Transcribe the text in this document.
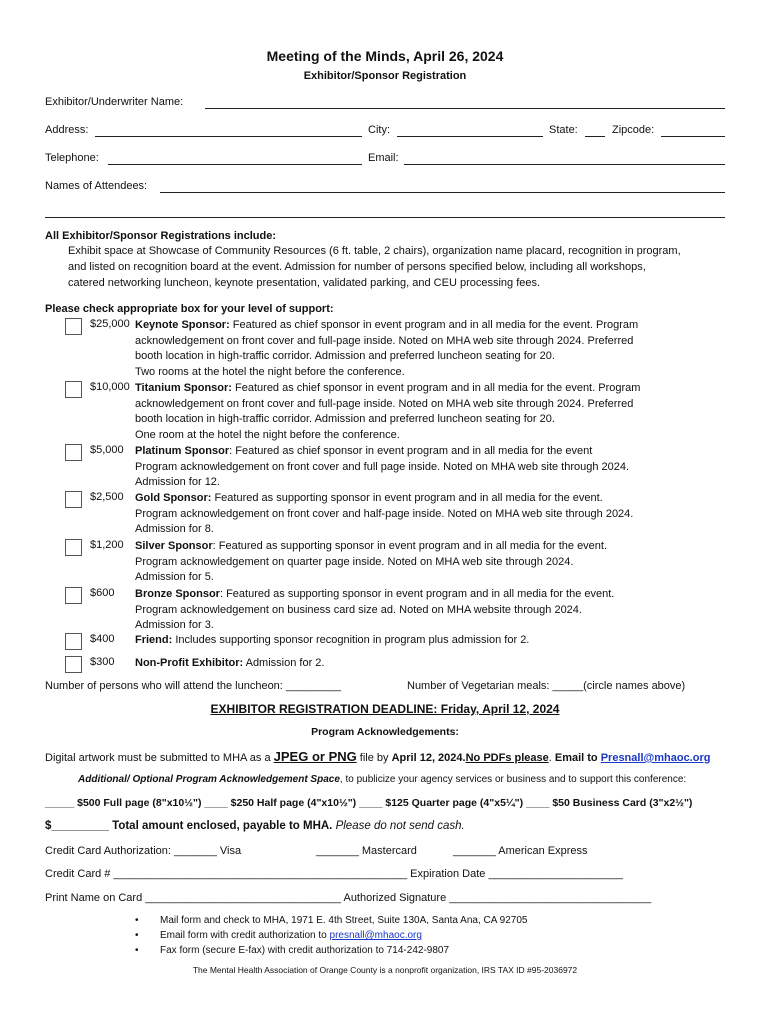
Meeting of the Minds, April 26, 2024
Exhibitor/Sponsor Registration
Exhibitor/Underwriter Name:
Address:	City:	State:	Zipcode:
Telephone:	Email:
Names of Attendees:
All Exhibitor/Sponsor Registrations include:
Exhibit space at Showcase of Community Resources (6 ft. table, 2 chairs), organization name placard, recognition in program,
and listed on recognition board at the event. Admission for number of persons specified below, including all workshops,
catered networking luncheon, keynote presentation, validated parking, and CEU processing fees.
Please check appropriate box for your level of support:
$25,000 Keynote Sponsor: Featured as chief sponsor in event program and in all media for the event. Program
acknowledgement on front cover and full-page inside. Noted on MHA web site through 2024. Preferred
booth location in high-traffic corridor. Admission and preferred luncheon seating for 20.
Two rooms at the hotel the night before the conference.
$10,000 Titanium Sponsor: Featured as chief sponsor in event program and in all media for the event. Program
acknowledgement on front cover and full-page inside. Noted on MHA web site through 2024. Preferred
booth location in high-traffic corridor. Admission and preferred luncheon seating for 20.
One room at the hotel the night before the conference.
$5,000 Platinum Sponsor: Featured as chief sponsor in event program and in all media for the event
Program acknowledgement on front cover and full page inside. Noted on MHA web site through 2024.
Admission for 12.
$2,500 Gold Sponsor: Featured as supporting sponsor in event program and in all media for the event.
Program acknowledgement on front cover and half-page inside. Noted on MHA web site through 2024.
Admission for 8.
$1,200 Silver Sponsor: Featured as supporting sponsor in event program and in all media for the event.
Program acknowledgement on quarter page inside. Noted on MHA web site through 2024.
Admission for 5.
$600 Bronze Sponsor: Featured as supporting sponsor in event program and in all media for the event.
Program acknowledgement on business card size ad. Noted on MHA website through 2024.
Admission for 3.
$400 Friend: Includes supporting sponsor recognition in program plus admission for 2.
$300 Non-Profit Exhibitor: Admission for 2.
Number of persons who will attend the luncheon: _________	Number of Vegetarian meals: _____(circle names above)
EXHIBITOR REGISTRATION DEADLINE: Friday, April 12, 2024
Program Acknowledgements:
Digital artwork must be submitted to MHA as a JPEG or PNG file by April 12, 2024.No PDFs please. Email to Presnall@mhaoc.org
Additional/ Optional Program Acknowledgement Space, to publicize your agency services or business and to support this conference:
_____ $500 Full page (8"x10½") ____ $250 Half page (4"x10½") ____ $125 Quarter page (4"x5¼") ____ $50 Business Card (3"x2½")
$_________ Total amount enclosed, payable to MHA. Please do not send cash.
Credit Card Authorization: _______ Visa	_______ Mastercard	_______ American Express
Credit Card # ________________________________________________ Expiration Date ______________________
Print Name on Card ________________________________ Authorized Signature _________________________________
• Mail form and check to MHA, 1971 E. 4th Street, Suite 130A, Santa Ana, CA 92705
• Email form with credit authorization to presnall@mhaoc.org
• Fax form (secure E-fax) with credit authorization to 714-242-9807
The Mental Health Association of Orange County is a nonprofit organization, IRS TAX ID #95-2036972
